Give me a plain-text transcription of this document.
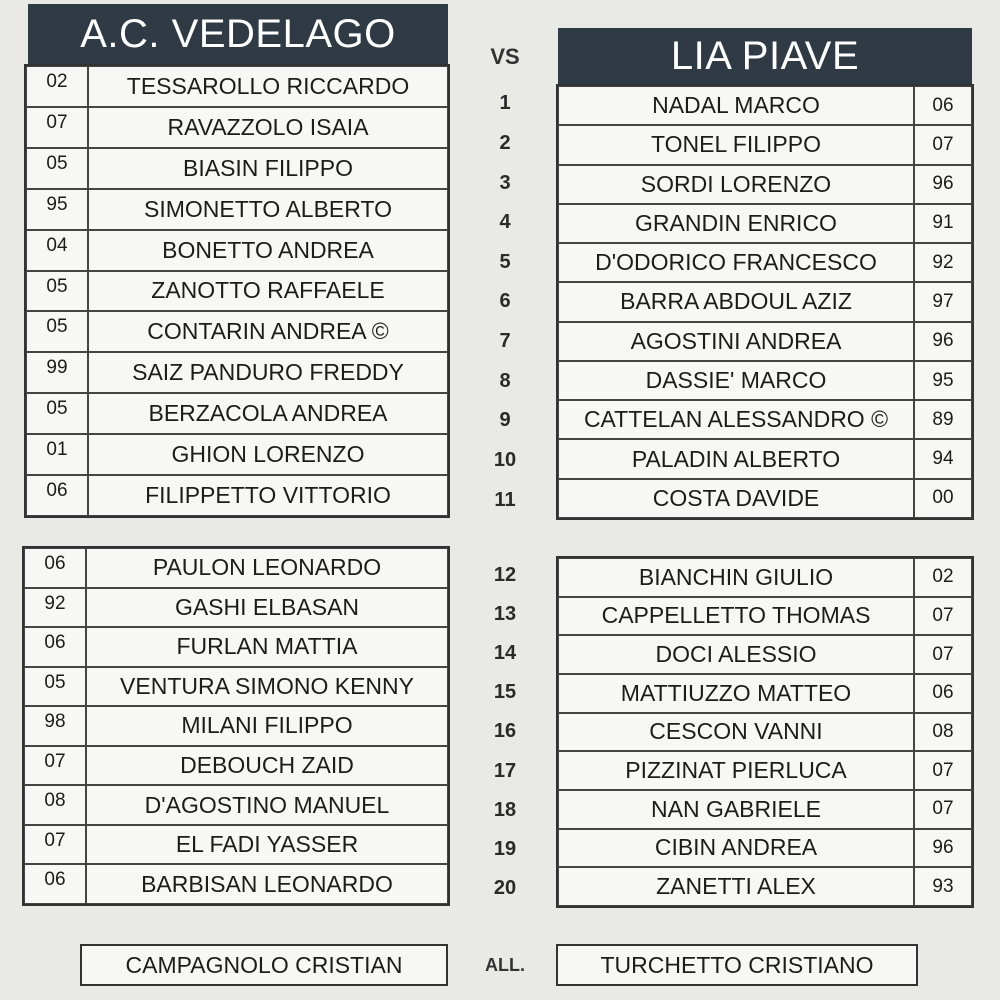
A.C. VEDELAGO
VS	LIA PIAVE
02	TESSAROLLO RICCARDO
07	RAVAZZOLO ISAIA
05	BIASIN FILIPPO
95	SIMONETTO ALBERTO
04	BONETTO ANDREA
05	ZANOTTO RAFFAELE
05	CONTARIN ANDREA ©
99	SAIZ PANDURO FREDDY
05	BERZACOLA ANDREA
01	GHION LORENZO
06	FILIPPETTO VITTORIO
1
2
3
4
5
6
7
8
9
10
11
NADAL MARCO	06
TONEL FILIPPO	07
SORDI LORENZO	96
GRANDIN ENRICO	91
D'ODORICO FRANCESCO	92
BARRA ABDOUL AZIZ	97
AGOSTINI ANDREA	96
DASSIE' MARCO	95
CATTELAN ALESSANDRO ©	89
PALADIN ALBERTO	94
COSTA DAVIDE	00
06	PAULON LEONARDO
92	GASHI ELBASAN
06	FURLAN MATTIA
05	VENTURA SIMONO KENNY
98	MILANI FILIPPO
07	DEBOUCH ZAID
08	D'AGOSTINO MANUEL
07	EL FADI YASSER
06	BARBISAN LEONARDO
12
13
14
15
16
17
18
19
20
BIANCHIN GIULIO	02
CAPPELLETTO THOMAS	07
DOCI ALESSIO	07
MATTIUZZO MATTEO	06
CESCON VANNI	08
PIZZINAT PIERLUCA	07
NAN GABRIELE	07
CIBIN ANDREA	96
ZANETTI ALEX	93
CAMPAGNOLO CRISTIAN	ALL.	TURCHETTO CRISTIANO
